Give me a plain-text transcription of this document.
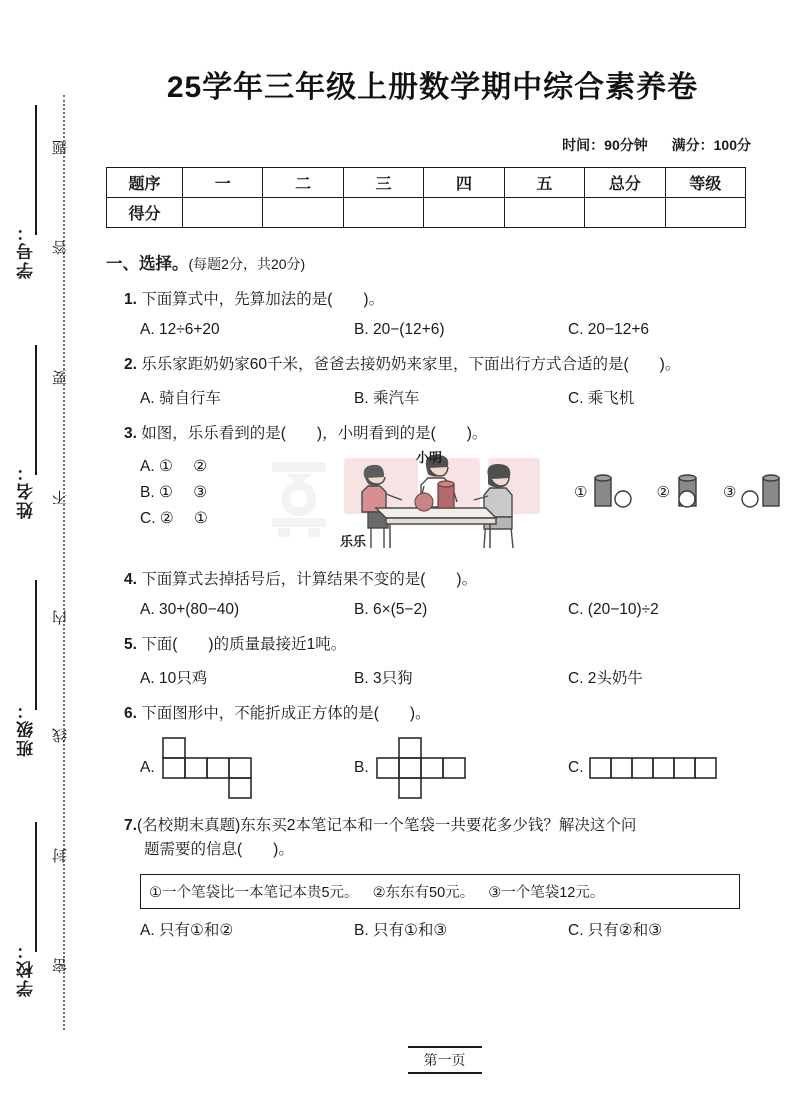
学号：
姓名：
班级：
学校：
题
答
要
不
内
线
封
密
25学年三年级上册数学期中综合素养卷
时间：90分钟 满分：100分
题序	一	二	三	四	五	总分	等级
得分							
一、选择。(每题2分，共20分)
1. 下面算式中，先算加法的是(　　)。
A. 12÷6+20	B. 20−(12+6)	C. 20−12+6
2. 乐乐家距奶奶家60千米，爸爸去接奶奶来家里，下面出行方式合适的是(　　)。
A. 骑自行车	B. 乘汽车	C. 乘飞机
3. 如图，乐乐看到的是(　　)，小明看到的是(　　)。
A. ① ②
B. ① ③
C. ② ①
小明
乐乐
①	②	③
4. 下面算式去掉括号后，计算结果不变的是(　　)。
A. 30+(80−40)	B. 6×(5−2)	C. (20−10)÷2
5. 下面(　　)的质量最接近1吨。
A. 10只鸡	B. 3只狗	C. 2头奶牛
6. 下面图形中，不能折成正方体的是(　　)。
A.	B.	C.
7.(名校期末真题)东东买2本笔记本和一个笔袋一共要花多少钱？解决这个问
题需要的信息(　　)。
①一个笔袋比一本笔记本贵5元。 ②东东有50元。 ③一个笔袋12元。
A. 只有①和②	B. 只有①和③	C. 只有②和③
第一页
